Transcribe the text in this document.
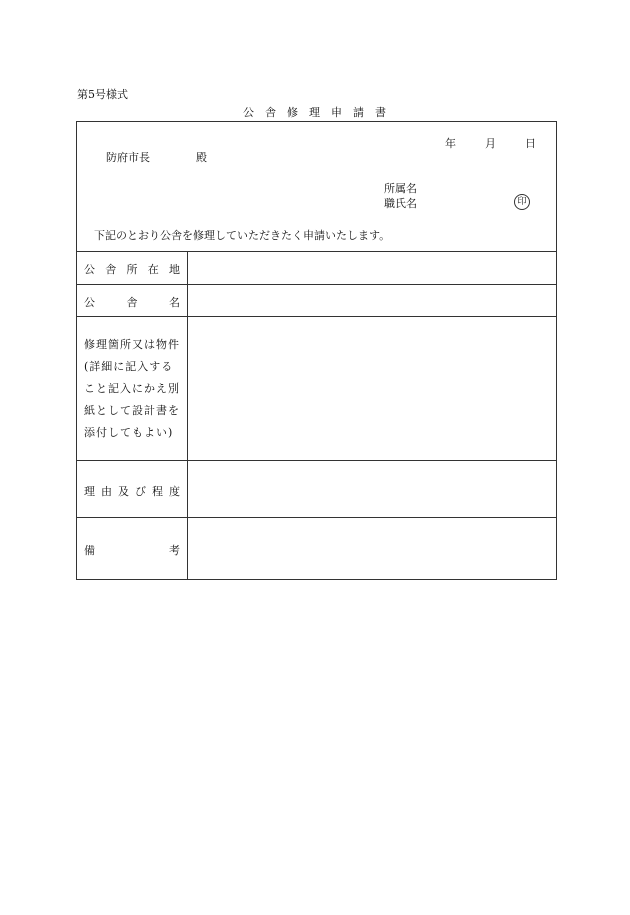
第5号様式
公舎修理申請書
年	月	日
防府市長	殿
所属名
職氏名	印
下記のとおり公舎を修理していただきたく申請いたします。
公 舎 所 在 地
公	舎	名
修理箇所又は物件
(詳細に記入する
こと記入にかえ別
紙として設計書を
添付してもよい)
理 由 及 び 程 度
備	考
